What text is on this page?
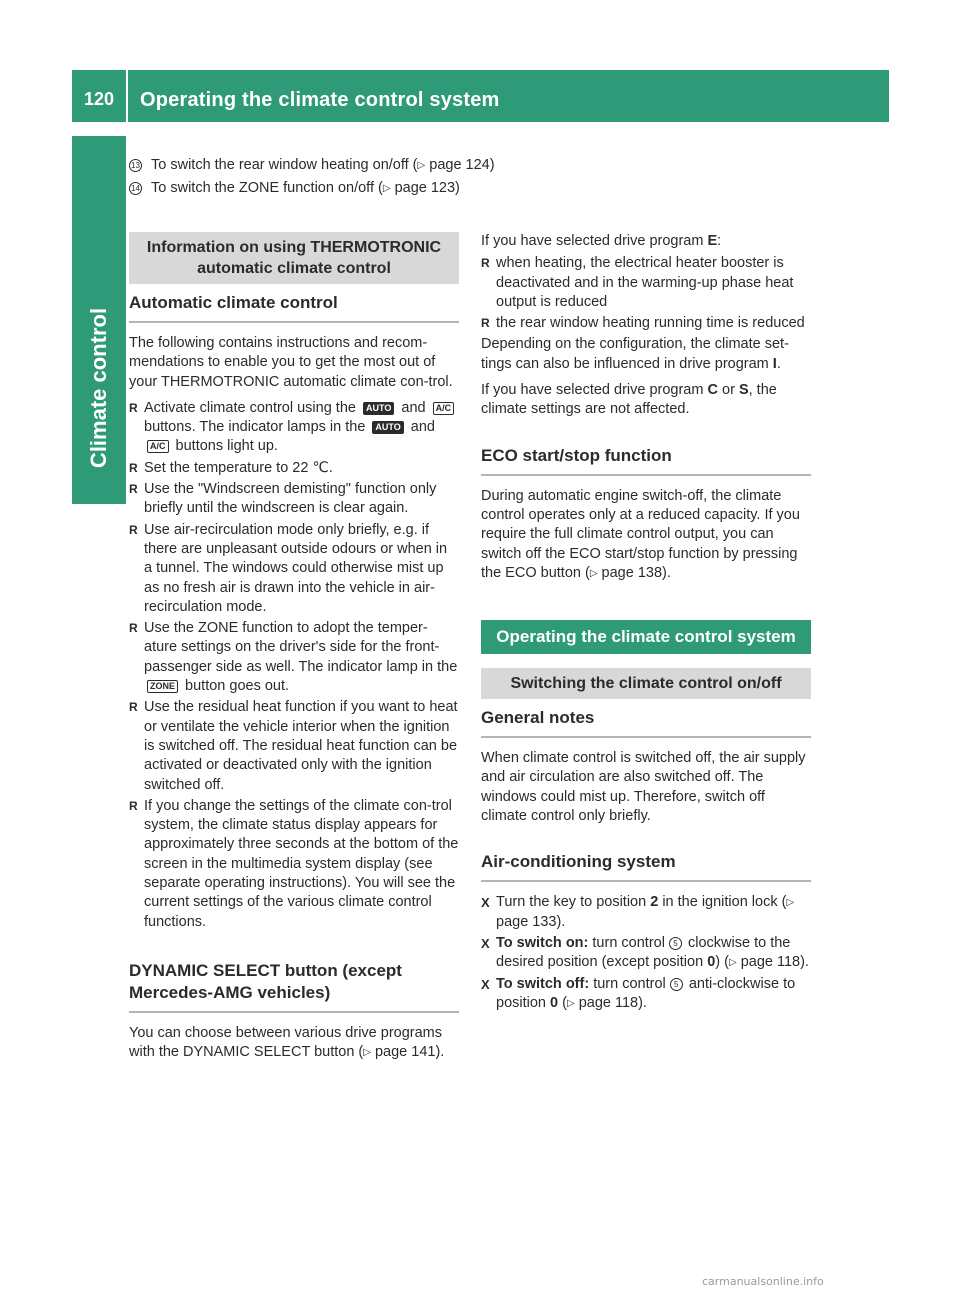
120	Operating the climate control system
Climate control
13 To switch the rear window heating on/off (▷ page 124)
14 To switch the ZONE function on/off (▷ page 123)
Information on using THERMOTRONIC automatic climate control
Automatic climate control
The following contains instructions and recom-mendations to enable you to get the most out of your THERMOTRONIC automatic climate con-trol.
R Activate climate control using the AUTO and A/C buttons. The indicator lamps in the AUTO and A/C buttons light up.
R Set the temperature to 22 ℃.
R Use the "Windscreen demisting" function only briefly until the windscreen is clear again.
R Use air-recirculation mode only briefly, e.g. if there are unpleasant outside odours or when in a tunnel. The windows could otherwise mist up as no fresh air is drawn into the vehicle in air-recirculation mode.
R Use the ZONE function to adopt the temper-ature settings on the driver's side for the front-passenger side as well. The indicator lamp in the ZONE button goes out.
R Use the residual heat function if you want to heat or ventilate the vehicle interior when the ignition is switched off. The residual heat function can be activated or deactivated only with the ignition switched off.
R If you change the settings of the climate con-trol system, the climate status display appears for approximately three seconds at the bottom of the screen in the multimedia system display (see separate operating instructions). You will see the current settings of the various climate control functions.
DYNAMIC SELECT button (except Mercedes-AMG vehicles)
You can choose between various drive programs with the DYNAMIC SELECT button (▷ page 141).
If you have selected drive program E:
R when heating, the electrical heater booster is deactivated and in the warming-up phase heat output is reduced
R the rear window heating running time is reduced
Depending on the configuration, the climate set-tings can also be influenced in drive program I.
If you have selected drive program C or S, the climate settings are not affected.
ECO start/stop function
During automatic engine switch-off, the climate control operates only at a reduced capacity. If you require the full climate control output, you can switch off the ECO start/stop function by pressing the ECO button (▷ page 138).
Operating the climate control system
Switching the climate control on/off
General notes
When climate control is switched off, the air supply and air circulation are also switched off. The windows could mist up. Therefore, switch off climate control only briefly.
Air-conditioning system
X Turn the key to position 2 in the ignition lock (▷ page 133).
X To switch on: turn control 5 clockwise to the desired position (except position 0) (▷ page 118).
X To switch off: turn control 5 anti-clockwise to position 0 (▷ page 118).
carmanualsonline.info
